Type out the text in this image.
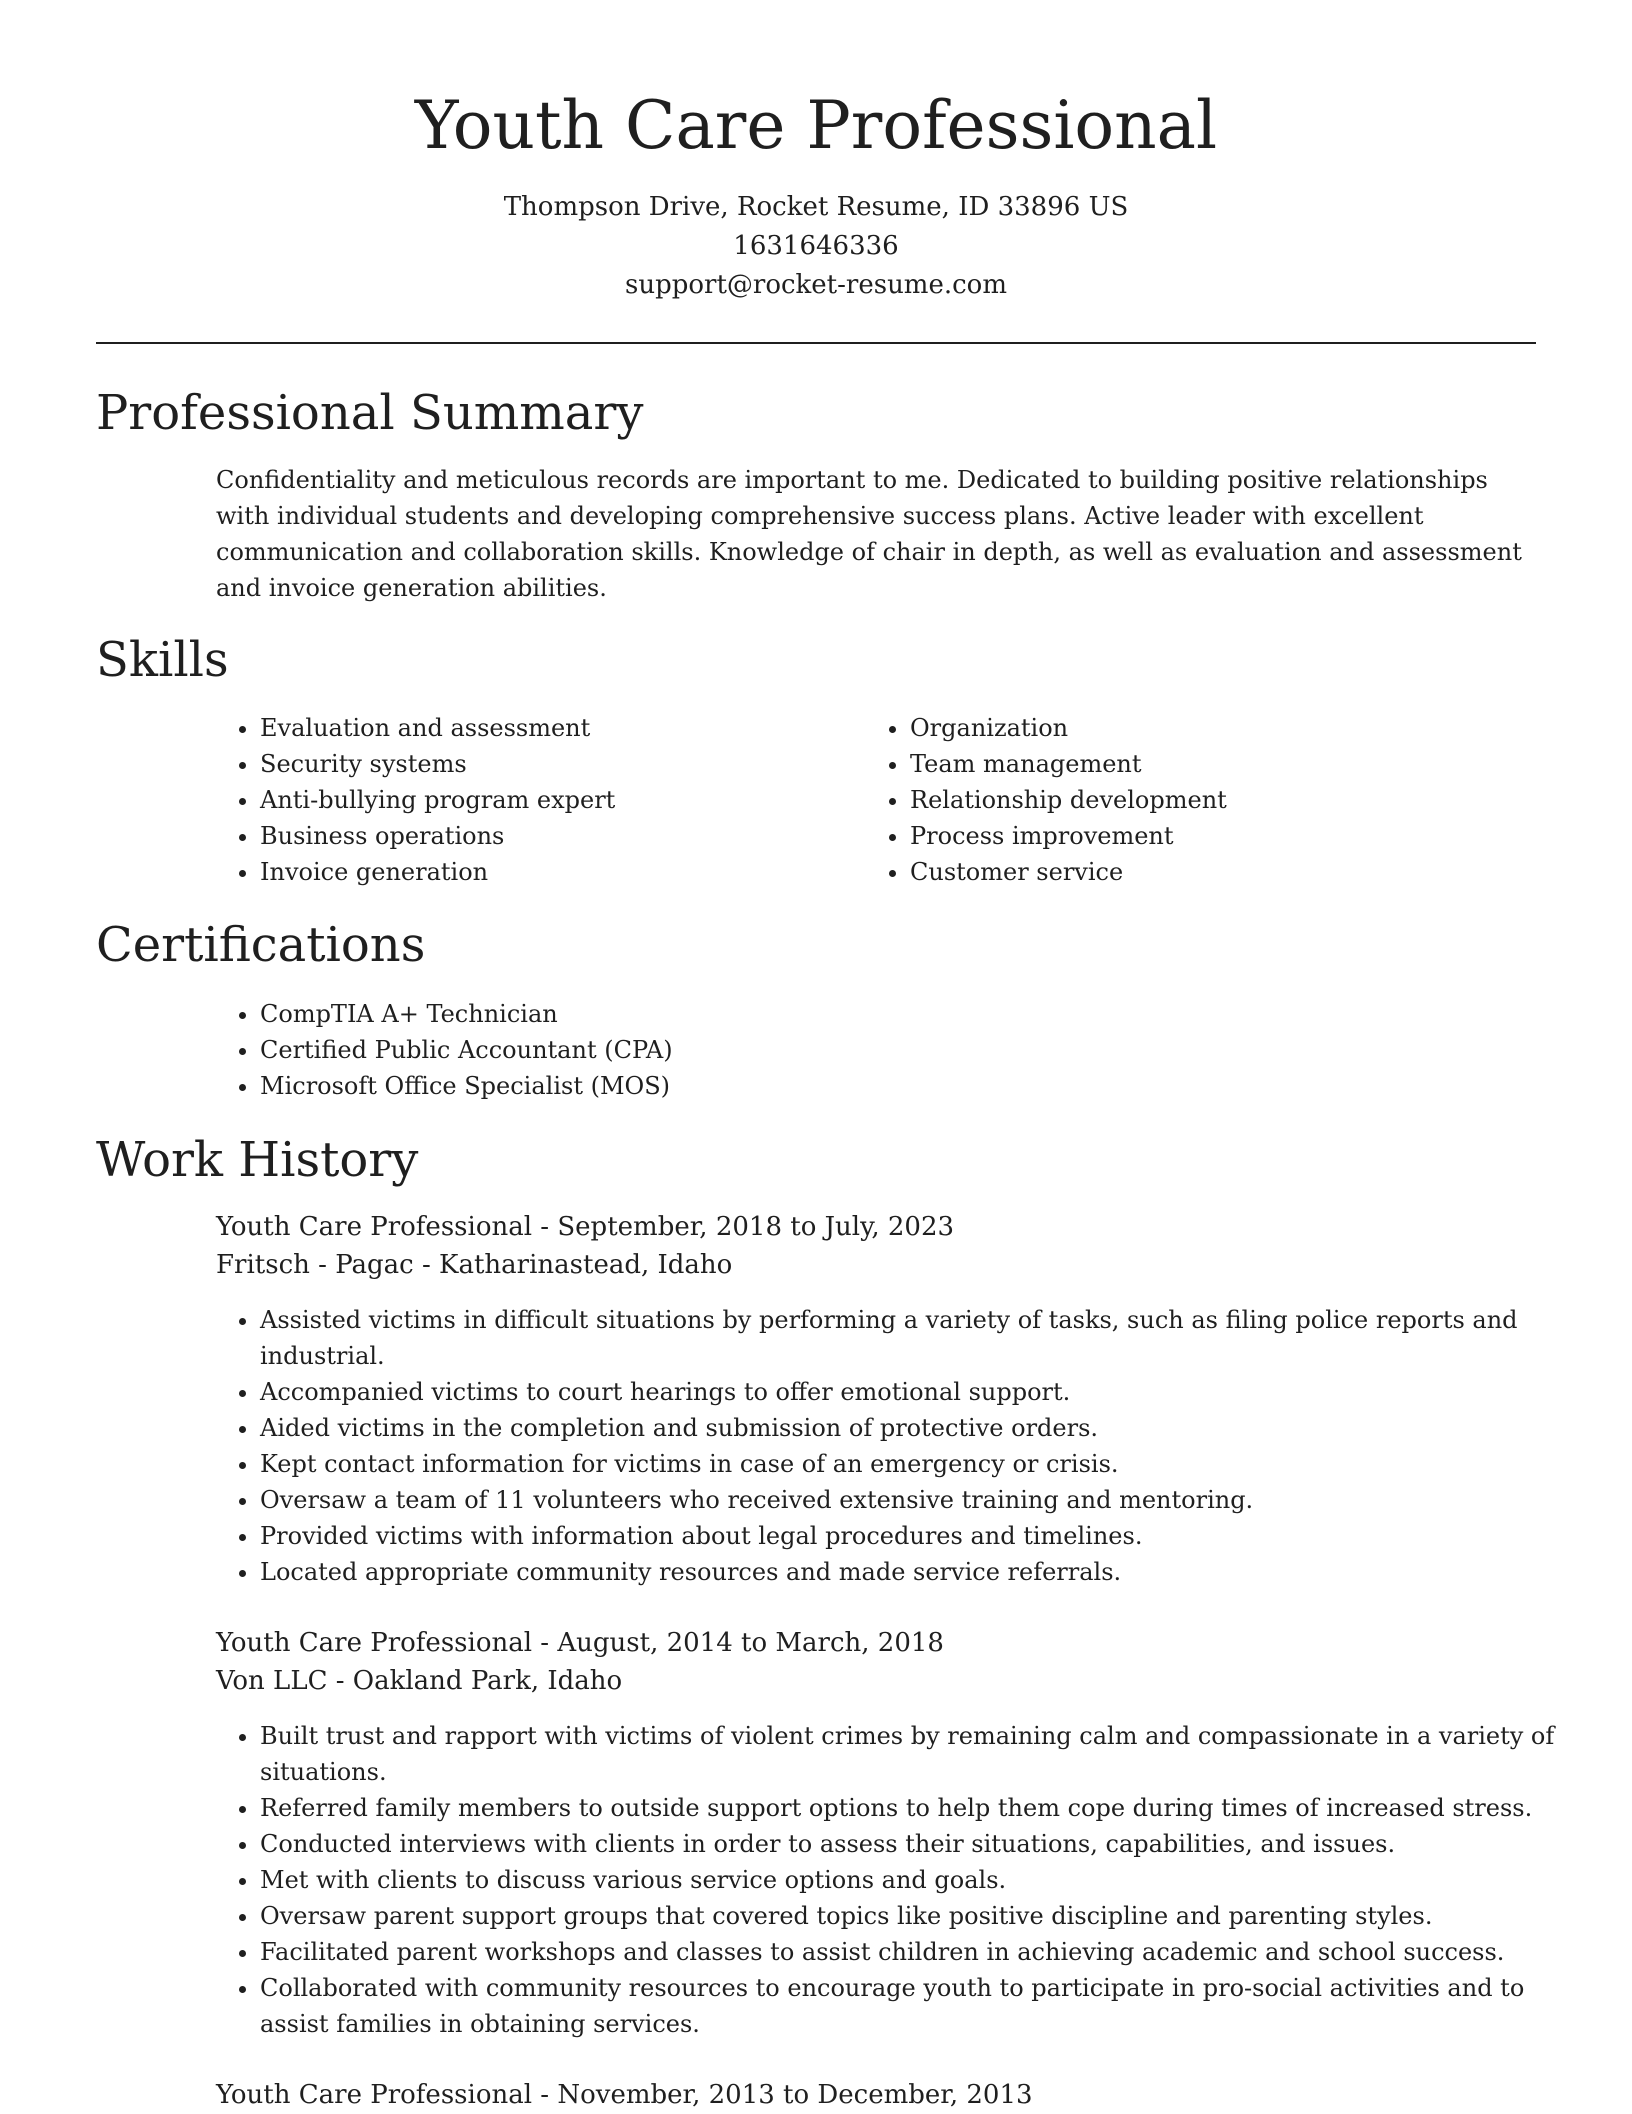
Youth Care Professional
Thompson Drive, Rocket Resume, ID 33896 US
1631646336
support@rocket-resume.com
Professional Summary

Confidentiality and meticulous records are important to me. Dedicated to building positive relationships with individual students and developing comprehensive success plans. Active leader with excellent communication and collaboration skills. Knowledge of chair in depth, as well as evaluation and assessment and invoice generation abilities.

Skills
• Evaluation and assessment
• Security systems
• Anti-bullying program expert
• Business operations
• Invoice generation
• Organization
• Team management
• Relationship development
• Process improvement
• Customer service
Certifications
• CompTIA A+ Technician
• Certified Public Accountant (CPA)
• Microsoft Office Specialist (MOS)
Work History
Youth Care Professional - September, 2018 to July, 2023
Fritsch - Pagac - Katharinastead, Idaho
• Assisted victims in difficult situations by performing a variety of tasks, such as filing police reports and industrial.
• Accompanied victims to court hearings to offer emotional support.
• Aided victims in the completion and submission of protective orders.
• Kept contact information for victims in case of an emergency or crisis.
• Oversaw a team of 11 volunteers who received extensive training and mentoring.
• Provided victims with information about legal procedures and timelines.
• Located appropriate community resources and made service referrals.
Youth Care Professional - August, 2014 to March, 2018
Von LLC - Oakland Park, Idaho
• Built trust and rapport with victims of violent crimes by remaining calm and compassionate in a variety of situations.
• Referred family members to outside support options to help them cope during times of increased stress.
• Conducted interviews with clients in order to assess their situations, capabilities, and issues.
• Met with clients to discuss various service options and goals.
• Oversaw parent support groups that covered topics like positive discipline and parenting styles.
• Facilitated parent workshops and classes to assist children in achieving academic and school success.
• Collaborated with community resources to encourage youth to participate in pro-social activities and to assist families in obtaining services.
Youth Care Professional - November, 2013 to December, 2013
